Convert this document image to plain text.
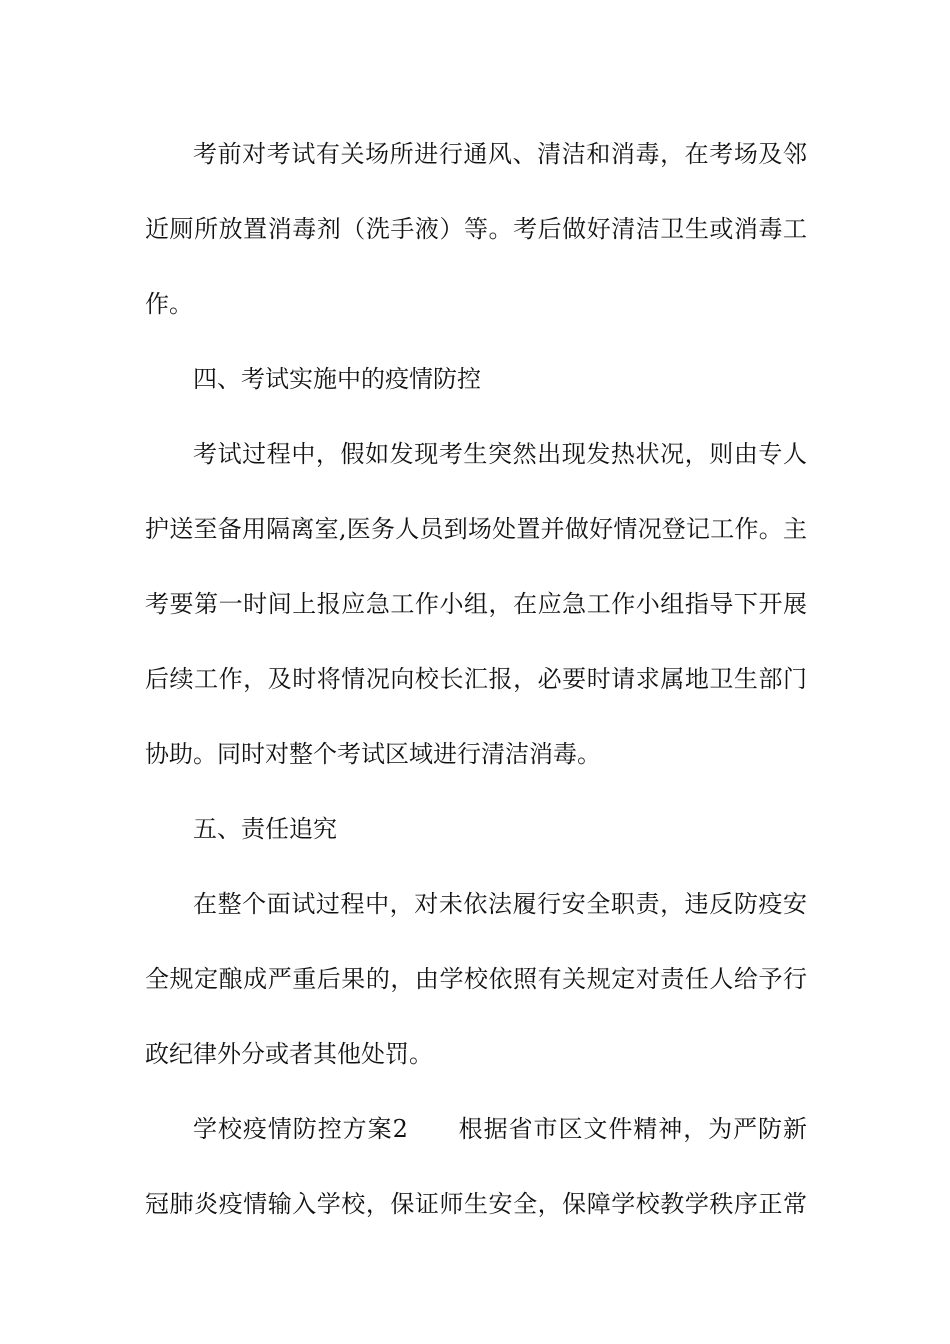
考前对考试有关场所进行通风、清洁和消毒，在考场及邻
近厕所放置消毒剂（洗手液）等。考后做好清洁卫生或消毒工
作。
四、考试实施中的疫情防控
考试过程中，假如发现考生突然出现发热状况，则由专人
护送至备用隔离室,医务人员到场处置并做好情况登记工作。主
考要第一时间上报应急工作小组，在应急工作小组指导下开展
后续工作，及时将情况向校长汇报，必要时请求属地卫生部门
协助。同时对整个考试区域进行清洁消毒。
五、责任追究
在整个面试过程中，对未依法履行安全职责，违反防疫安
全规定酿成严重后果的，由学校依照有关规定对责任人给予行
政纪律外分或者其他处罚。
学校疫情防控方案2　　根据省市区文件精神，为严防新
冠肺炎疫情输入学校，保证师生安全，保障学校教学秩序正常
